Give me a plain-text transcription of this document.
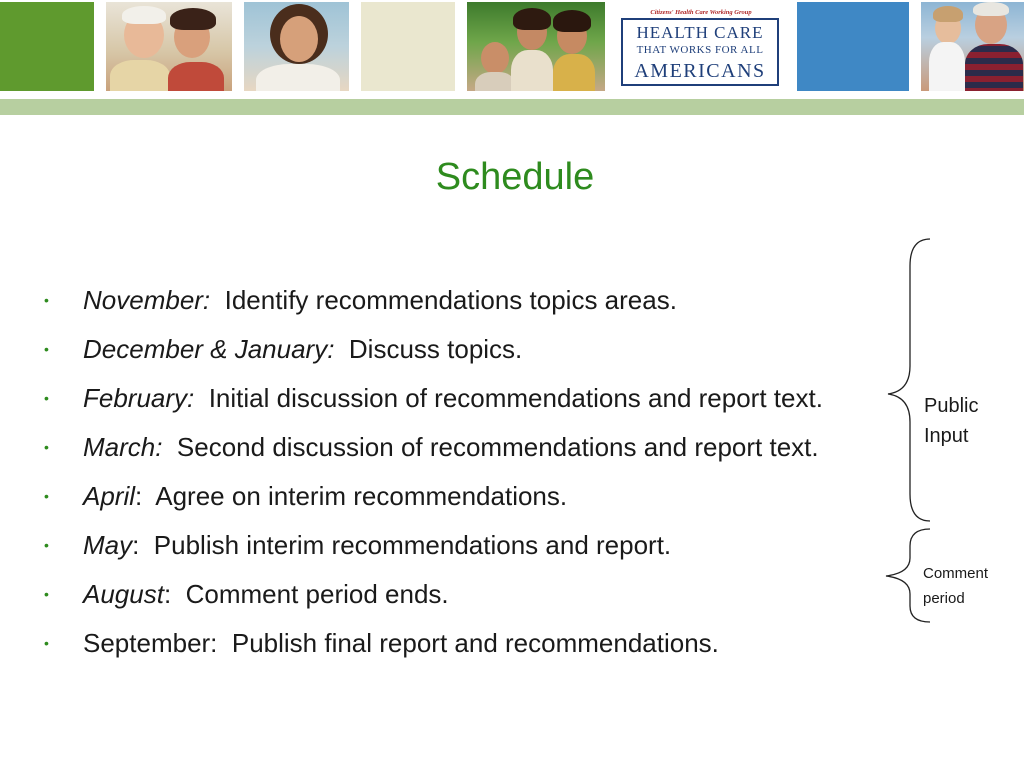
Citizens' Health Care Working Group
HEALTH CARE
THAT WORKS FOR ALL
AMERICANS
Schedule
• November:  Identify recommendations topics areas.
• December & January:  Discuss topics.
• February:  Initial discussion of recommendations and report text.
• March:  Second discussion of recommendations and report text.
• April:  Agree on interim recommendations.
• May:  Publish interim recommendations and report.
• August:  Comment period ends.
• September:  Publish final report and recommendations.
Public
Input
Comment
period
